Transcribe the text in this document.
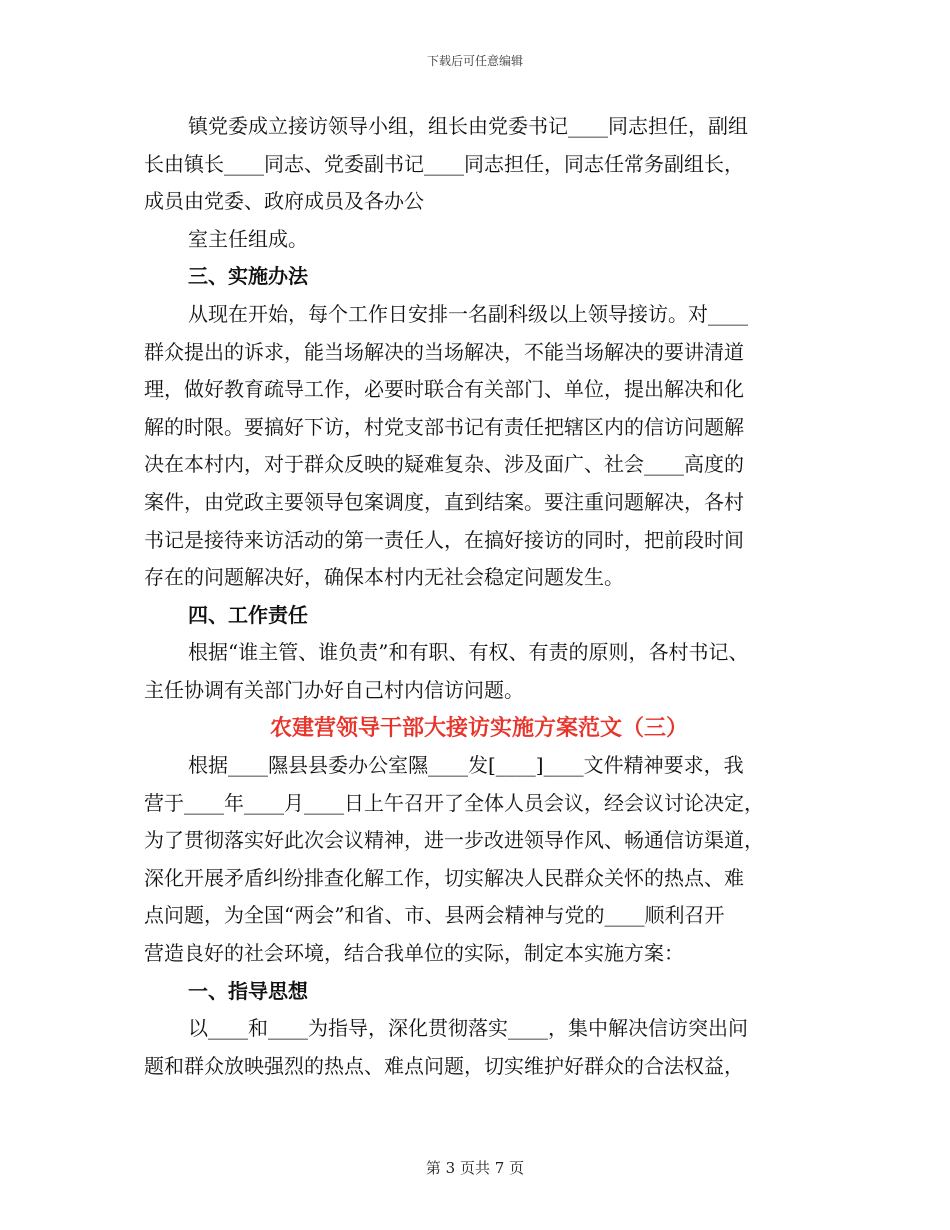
下载后可任意编辑
镇党委成立接访领导小组，组长由党委书记____同志担任，副组
长由镇长____同志、党委副书记____同志担任，同志任常务副组长，
成员由党委、政府成员及各办公
室主任组成。
三、实施办法
从现在开始，每个工作日安排一名副科级以上领导接访。对____
群众提出的诉求，能当场解决的当场解决，不能当场解决的要讲清道
理，做好教育疏导工作，必要时联合有关部门、单位，提出解决和化
解的时限。要搞好下访，村党支部书记有责任把辖区内的信访问题解
决在本村内，对于群众反映的疑难复杂、涉及面广、社会____高度的
案件，由党政主要领导包案调度，直到结案。要注重问题解决，各村
书记是接待来访活动的第一责任人，在搞好接访的同时，把前段时间
存在的问题解决好，确保本村内无社会稳定问题发生。
四、工作责任
根据“谁主管、谁负责”和有职、有权、有责的原则，各村书记、
主任协调有关部门办好自己村内信访问题。
农建营领导干部大接访实施方案范文（三）
根据____隰县县委办公室隰____发[____]____文件精神要求，我
营于____年____月____日上午召开了全体人员会议，经会议讨论决定，
为了贯彻落实好此次会议精神，进一步改进领导作风、畅通信访渠道，
深化开展矛盾纠纷排查化解工作，切实解决人民群众关怀的热点、难
点问题，为全国“两会”和省、市、县两会精神与党的____顺利召开
营造良好的社会环境，结合我单位的实际，制定本实施方案：
一、指导思想
以____和____为指导，深化贯彻落实____，集中解决信访突出问
题和群众放映强烈的热点、难点问题，切实维护好群众的合法权益，
第 3 页共 7 页
